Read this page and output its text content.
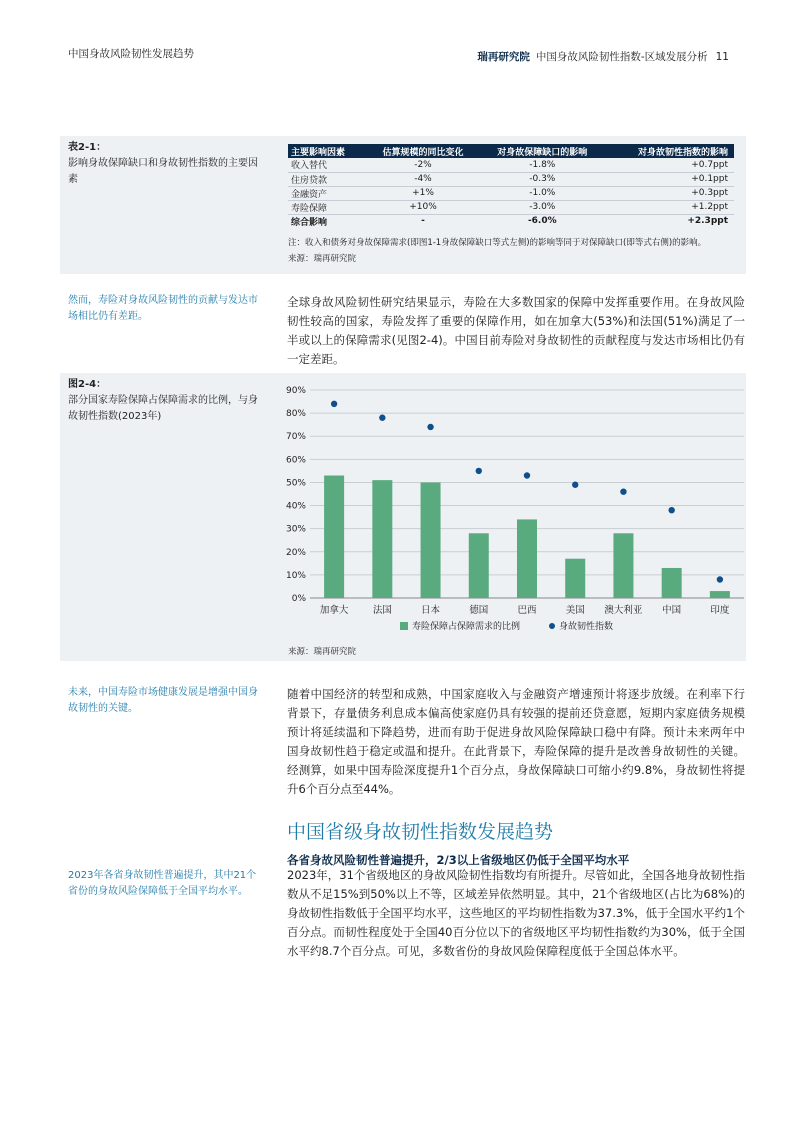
中国身故风险韧性发展趋势	瑞再研究院 中国身故风险韧性指数-区域发展分析 11
表2-1：
影响身故保障缺口和身故韧性指数的主要因素
主要影响因素	估算规模的同比变化	对身故保障缺口的影响	对身故韧性指数的影响
收入替代	-2%	-1.8%	+0.7ppt
住房贷款	-4%	-0.3%	+0.1ppt
金融资产	+1%	-1.0%	+0.3ppt
寿险保障	+10%	-3.0%	+1.2ppt
综合影响	-	-6.0%	+2.3ppt
注：收入和债务对身故保障需求(即图1-1身故保障缺口等式左侧)的影响等同于对保障缺口(即等式右侧)的影响。
来源：瑞再研究院
然而，寿险对身故风险韧性的贡献与发达市场相比仍有差距。
全球身故风险韧性研究结果显示，寿险在大多数国家的保障中发挥重要作用。在身故风险韧性较高的国家，寿险发挥了重要的保障作用，如在加拿大(53%)和法国(51%)满足了一半或以上的保障需求(见图2-4)。中国目前寿险对身故韧性的贡献程度与发达市场相比仍有一定差距。
图2-4：
部分国家寿险保障占保障需求的比例，与身故韧性指数(2023年)
0%
10%
20%
30%
40%
50%
60%
70%
80%
90%
加拿大	法国	日本	德国	巴西	美国 澳大利亚 中国	印度
寿险保障占保障需求的比例	身故韧性指数
来源：瑞再研究院
未来，中国寿险市场健康发展是增强中国身故韧性的关键。
随着中国经济的转型和成熟，中国家庭收入与金融资产增速预计将逐步放缓。在利率下行背景下，存量债务利息成本偏高使家庭仍具有较强的提前还贷意愿，短期内家庭债务规模预计将延续温和下降趋势，进而有助于促进身故风险保障缺口稳中有降。预计未来两年中国身故韧性趋于稳定或温和提升。在此背景下，寿险保障的提升是改善身故韧性的关键。经测算，如果中国寿险深度提升1个百分点，身故保障缺口可缩小约9.8%，身故韧性将提升6个百分点至44%。
中国省级身故韧性指数发展趋势
各省身故风险韧性普遍提升，2/3以上省级地区仍低于全国平均水平
2023年各省身故韧性普遍提升，其中21个省份的身故风险保障低于全国平均水平。
2023年，31个省级地区的身故风险韧性指数均有所提升。尽管如此，全国各地身故韧性指数从不足15%到50%以上不等，区域差异依然明显。其中，21个省级地区(占比为68%)的身故韧性指数低于全国平均水平，这些地区的平均韧性指数为37.3%，低于全国水平约1个百分点。而韧性程度处于全国40百分位以下的省级地区平均韧性指数约为30%，低于全国水平约8.7个百分点。可见，多数省份的身故风险保障程度低于全国总体水平。
